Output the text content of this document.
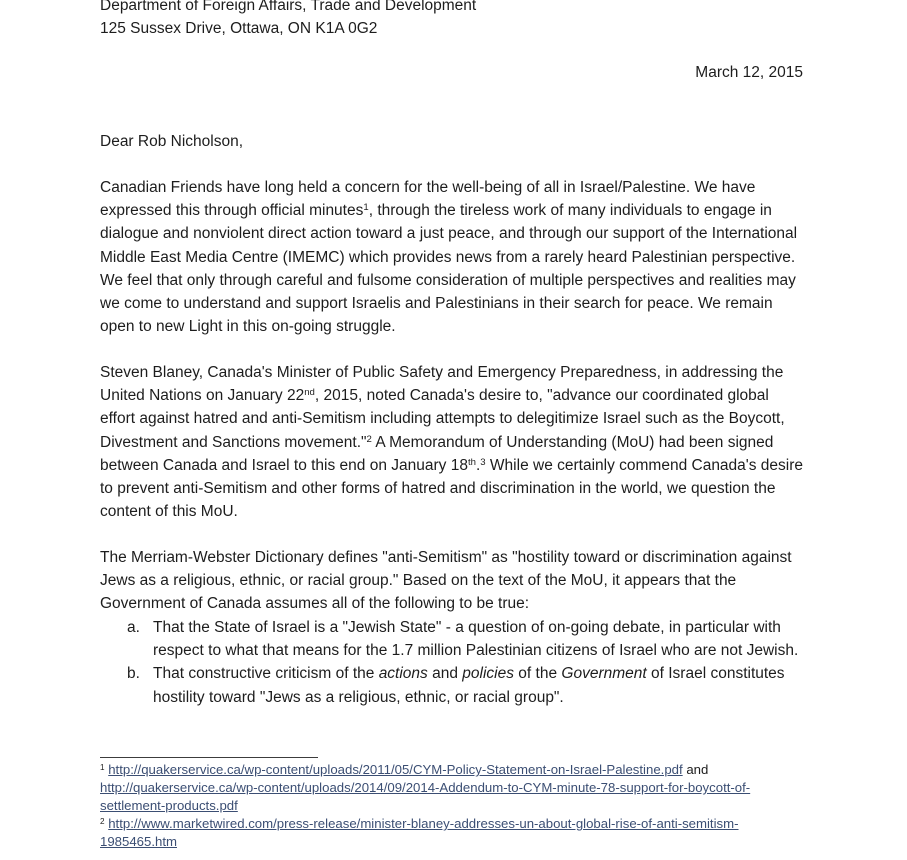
Department of Foreign Affairs, Trade and Development
125 Sussex Drive, Ottawa, ON K1A 0G2
March 12, 2015
Dear Rob Nicholson,
Canadian Friends have long held a concern for the well-being of all in Israel/Palestine. We have expressed this through official minutes$^1$, through the tireless work of many individuals to engage in dialogue and nonviolent direct action toward a just peace, and through our support of the International Middle East Media Centre (IMEMC) which provides news from a rarely heard Palestinian perspective. We feel that only through careful and fulsome consideration of multiple perspectives and realities may we come to understand and support Israelis and Palestinians in their search for peace. We remain open to new Light in this on-going struggle.
Steven Blaney, Canada's Minister of Public Safety and Emergency Preparedness, in addressing the United Nations on January 22nd, 2015, noted Canada's desire to, "advance our coordinated global effort against hatred and anti-Semitism including attempts to delegitimize Israel such as the Boycott, Divestment and Sanctions movement."$^2$ A Memorandum of Understanding (MoU) had been signed between Canada and Israel to this end on January 18th.$^3$ While we certainly commend Canada's desire to prevent anti-Semitism and other forms of hatred and discrimination in the world, we question the content of this MoU.
The Merriam-Webster Dictionary defines "anti-Semitism" as "hostility toward or discrimination against Jews as a religious, ethnic, or racial group." Based on the text of the MoU, it appears that the Government of Canada assumes all of the following to be true:
a. That the State of Israel is a "Jewish State" - a question of on-going debate, in particular with respect to what that means for the 1.7 million Palestinian citizens of Israel who are not Jewish.
b. That constructive criticism of the actions and policies of the Government of Israel constitutes hostility toward "Jews as a religious, ethnic, or racial group".
$^1$ http://quakerservice.ca/wp-content/uploads/2011/05/CYM-Policy-Statement-on-Israel-Palestine.pdf and http://quakerservice.ca/wp-content/uploads/2014/09/2014-Addendum-to-CYM-minute-78-support-for-boycott-of-settlement-products.pdf
$^2$ http://www.marketwired.com/press-release/minister-blaney-addresses-un-about-global-rise-of-anti-semitism-1985465.htm
